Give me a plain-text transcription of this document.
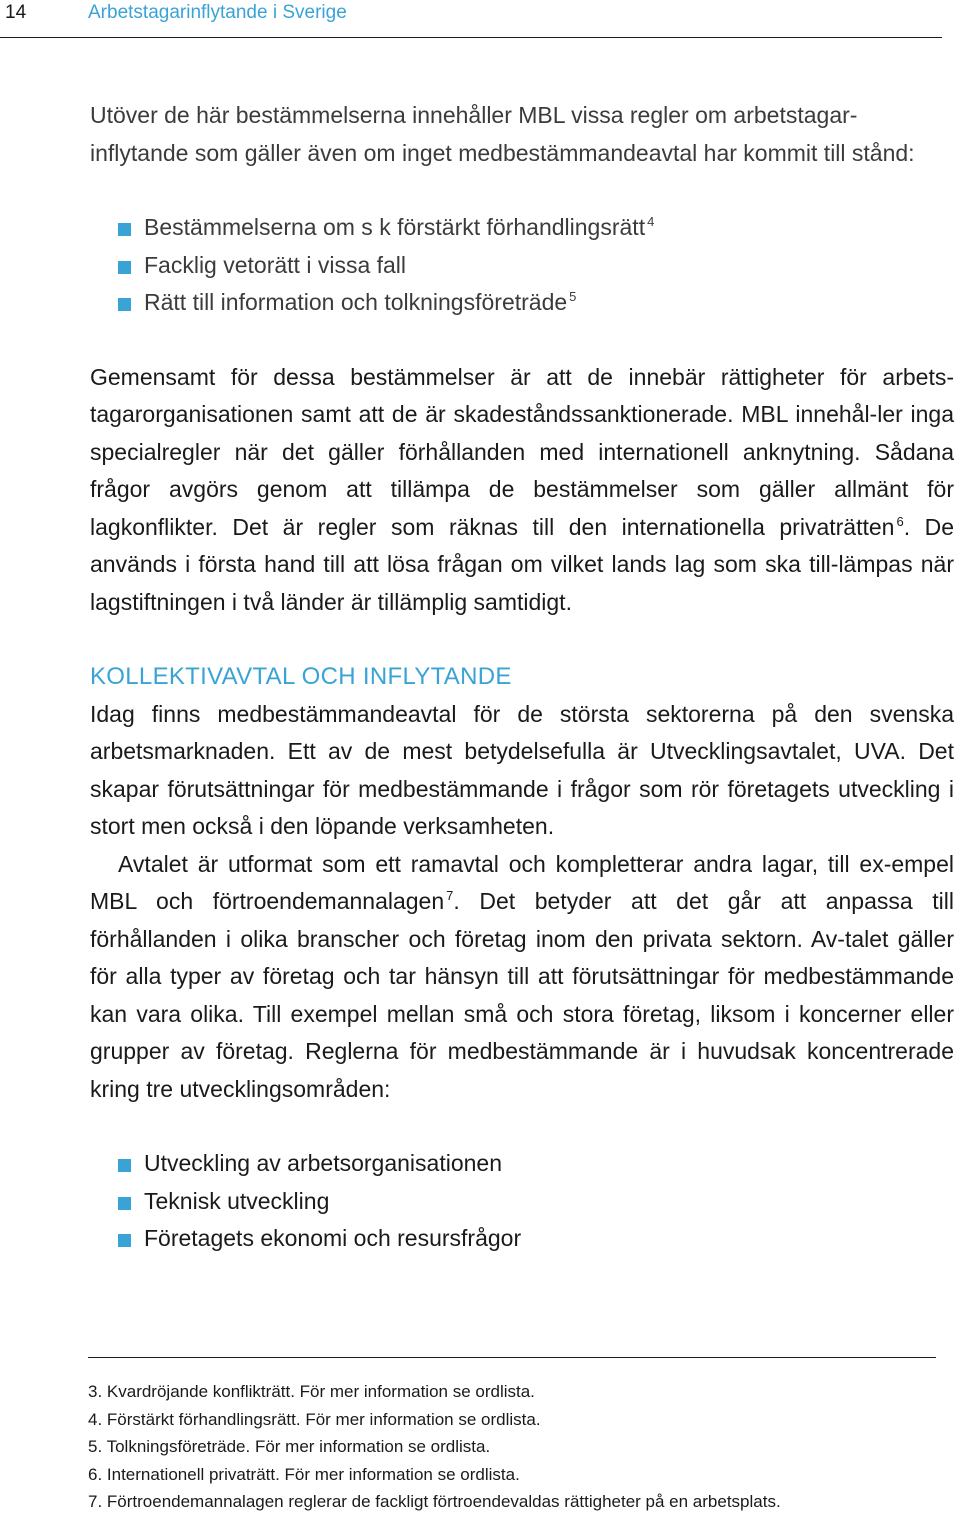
14	Arbetstagarinflytande i Sverige

Utöver de här bestämmelserna innehåller MBL vissa regler om arbetstagar-inflytande som gäller även om inget medbestämmandeavtal har kommit till stånd:

Bestämmelserna om s k förstärkt förhandlingsrätt $^4$
Facklig vetorätt i vissa fall
Rätt till information och tolkningsföreträde $^5$

Gemensamt för dessa bestämmelser är att de innebär rättigheter för arbets-tagarorganisationen samt att de är skadeståndssanktionerade. MBL innehål-ler inga specialregler när det gäller förhållanden med internationell anknytning. Sådana frågor avgörs genom att tillämpa de bestämmelser som gäller allmänt för lagkonflikter. Det är regler som räknas till den internationella privaträtten $^6$. De används i första hand till att lösa frågan om vilket lands lag som ska till-lämpas när lagstiftningen i två länder är tillämplig samtidigt.

KOLLEKTIVAVTAL OCH INFLYTANDE

Idag finns medbestämmandeavtal för de största sektorerna på den svenska arbetsmarknaden. Ett av de mest betydelsefulla är Utvecklingsavtalet, UVA. Det skapar förutsättningar för medbestämmande i frågor som rör företagets utveckling i stort men också i den löpande verksamheten.

Avtalet är utformat som ett ramavtal och kompletterar andra lagar, till ex-empel MBL och förtroendemannalagen $^7$. Det betyder att det går att anpassa till förhållanden i olika branscher och företag inom den privata sektorn. Av-talet gäller för alla typer av företag och tar hänsyn till att förutsättningar för medbestämmande kan vara olika. Till exempel mellan små och stora företag, liksom i koncerner eller grupper av företag. Reglerna för medbestämmande är i huvudsak koncentrerade kring tre utvecklingsområden:

Utveckling av arbetsorganisationen
Teknisk utveckling
Företagets ekonomi och resursfrågor
3. Kvardröjande konflikträtt. För mer information se ordlista.
4. Förstärkt förhandlingsrätt. För mer information se ordlista.
5. Tolkningsföreträde. För mer information se ordlista.
6. Internationell privaträtt. För mer information se ordlista.
7. Förtroendemannalagen reglerar de fackligt förtroendevaldas rättigheter på en arbetsplats.
